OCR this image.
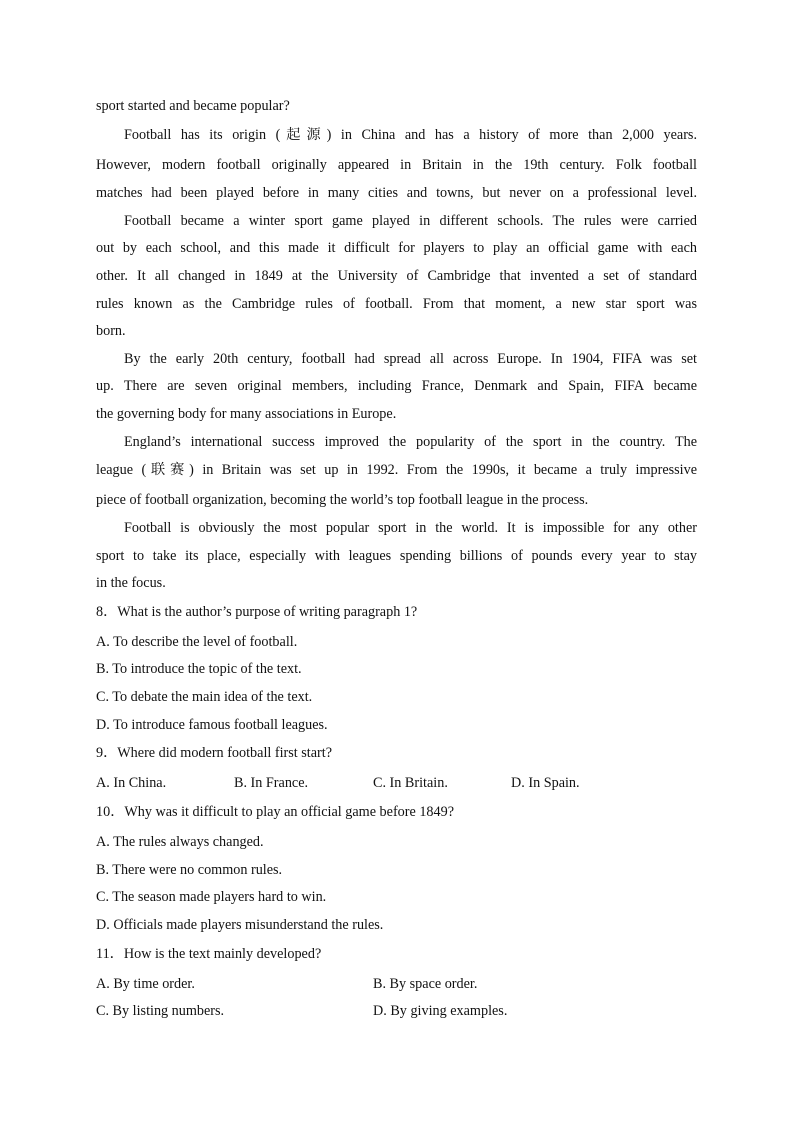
sport started and became popular?
Football has its origin (起源) in China and has a history of more than 2,000 years.
However, modern football originally appeared in Britain in the 19th century. Folk football
matches had been played before in many cities and towns, but never on a professional level.
Football became a winter sport game played in different schools. The rules were carried
out by each school, and this made it difficult for players to play an official game with each
other. It all changed in 1849 at the University of Cambridge that invented a set of standard
rules known as the Cambridge rules of football. From that moment, a new star sport was
born.
By the early 20th century, football had spread all across Europe. In 1904, FIFA was set
up. There are seven original members, including France, Denmark and Spain, FIFA became
the governing body for many associations in Europe.
England’s international success improved the popularity of the sport in the country. The
league (联赛) in Britain was set up in 1992. From the 1990s, it became a truly impressive
piece of football organization, becoming the world’s top football league in the process.
Football is obviously the most popular sport in the world. It is impossible for any other
sport to take its place, especially with leagues spending billions of pounds every year to stay
in the focus.
8．What is the author’s purpose of writing paragraph 1?
A. To describe the level of football.
B. To introduce the topic of the text.
C. To debate the main idea of the text.
D. To introduce famous football leagues.
9．Where did modern football first start?
A. In China.	B. In France.	C. In Britain.	D. In Spain.
10．Why was it difficult to play an official game before 1849?
A. The rules always changed.
B. There were no common rules.
C. The season made players hard to win.
D. Officials made players misunderstand the rules.
11．How is the text mainly developed?
A. By time order.	B. By space order.
C. By listing numbers.	D. By giving examples.
